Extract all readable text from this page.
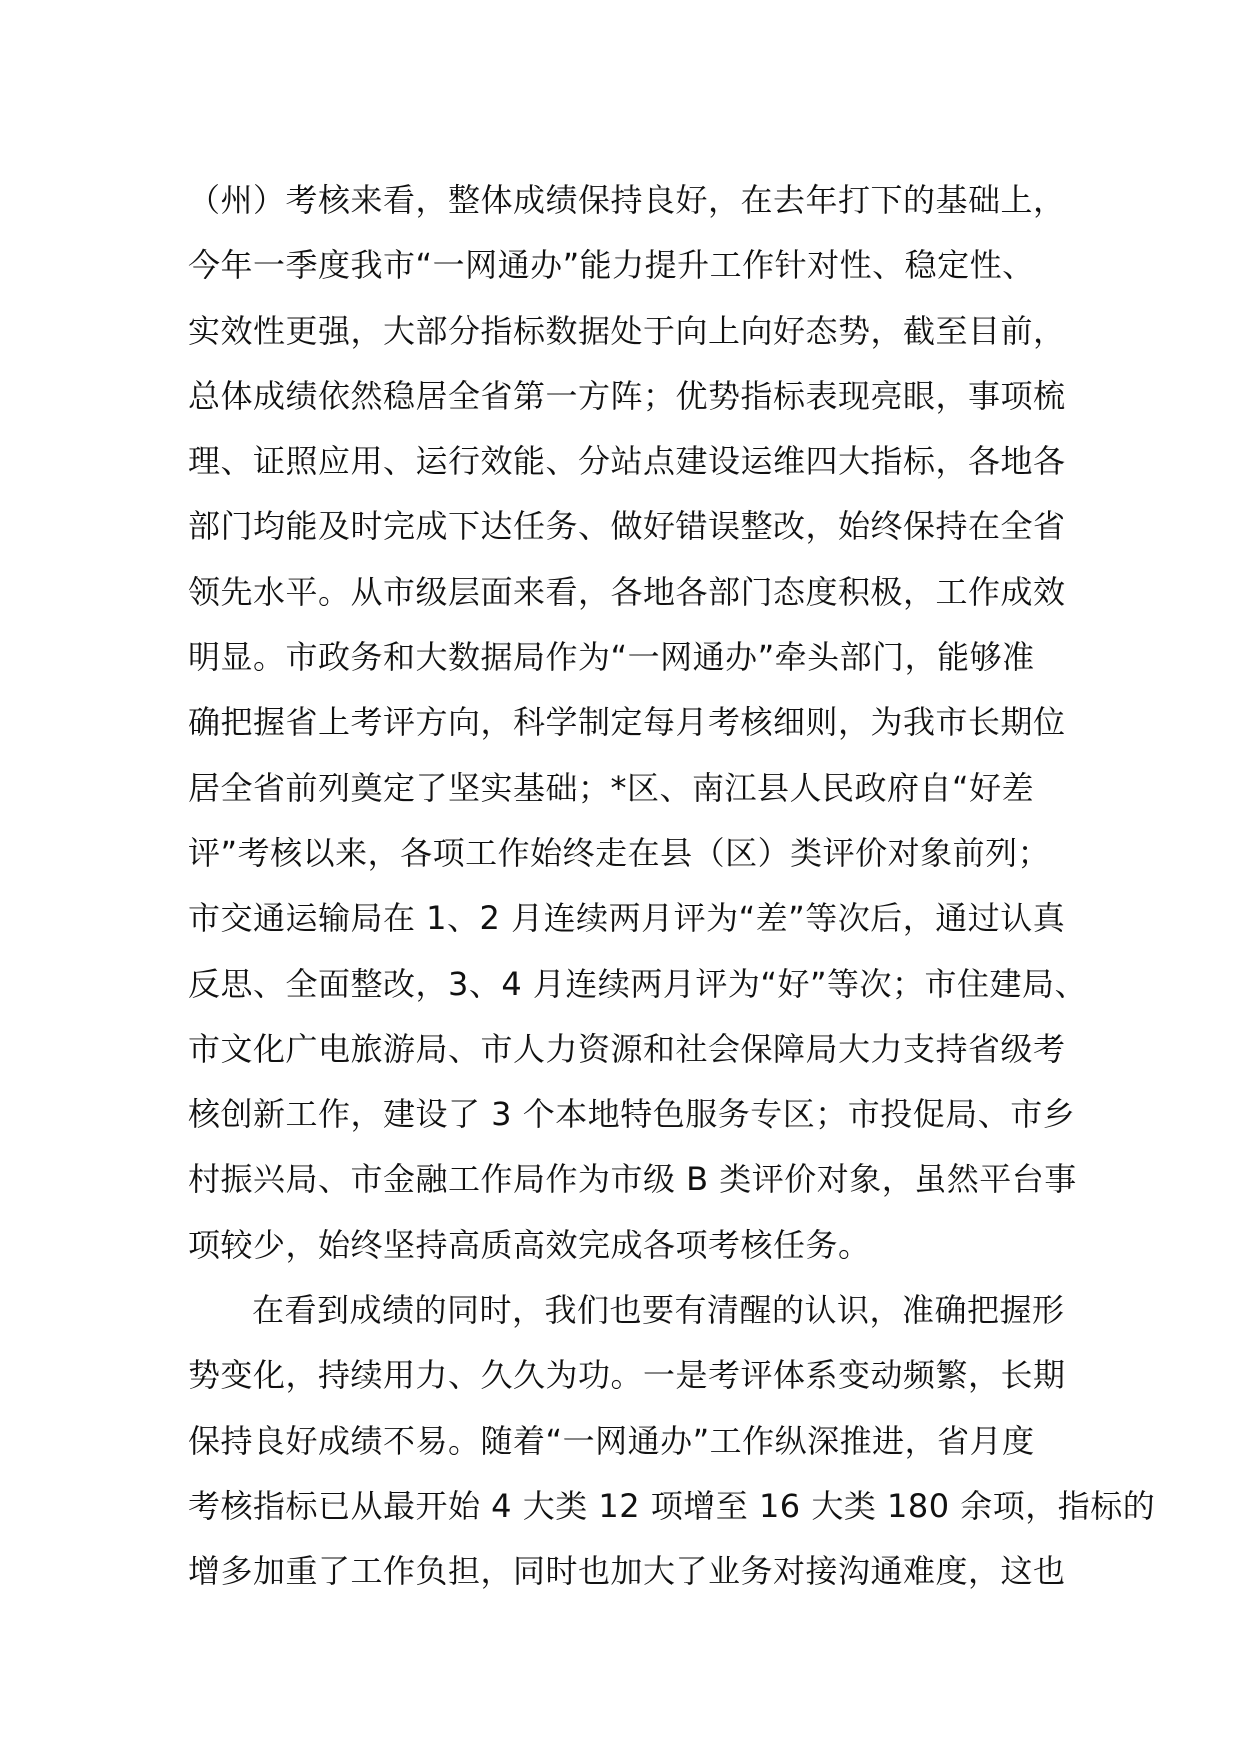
（州）考核来看，整体成绩保持良好，在去年打下的基础上，
今年一季度我市“一网通办”能力提升工作针对性、稳定性、
实效性更强，大部分指标数据处于向上向好态势，截至目前，
总体成绩依然稳居全省第一方阵；优势指标表现亮眼，事项梳
理、证照应用、运行效能、分站点建设运维四大指标，各地各
部门均能及时完成下达任务、做好错误整改，始终保持在全省
领先水平。从市级层面来看，各地各部门态度积极，工作成效
明显。市政务和大数据局作为“一网通办”牵头部门，能够准
确把握省上考评方向，科学制定每月考核细则，为我市长期位
居全省前列奠定了坚实基础；*区、南江县人民政府自“好差
评”考核以来，各项工作始终走在县（区）类评价对象前列；
市交通运输局在 1、2 月连续两月评为“差”等次后，通过认真
反思、全面整改，3、4 月连续两月评为“好”等次；市住建局、
市文化广电旅游局、市人力资源和社会保障局大力支持省级考
核创新工作，建设了 3 个本地特色服务专区；市投促局、市乡
村振兴局、市金融工作局作为市级 B 类评价对象，虽然平台事
项较少，始终坚持高质高效完成各项考核任务。
在看到成绩的同时，我们也要有清醒的认识，准确把握形
势变化，持续用力、久久为功。一是考评体系变动频繁，长期
保持良好成绩不易。随着“一网通办”工作纵深推进，省月度
考核指标已从最开始 4 大类 12 项增至 16 大类 180 余项，指标的
增多加重了工作负担，同时也加大了业务对接沟通难度，这也
